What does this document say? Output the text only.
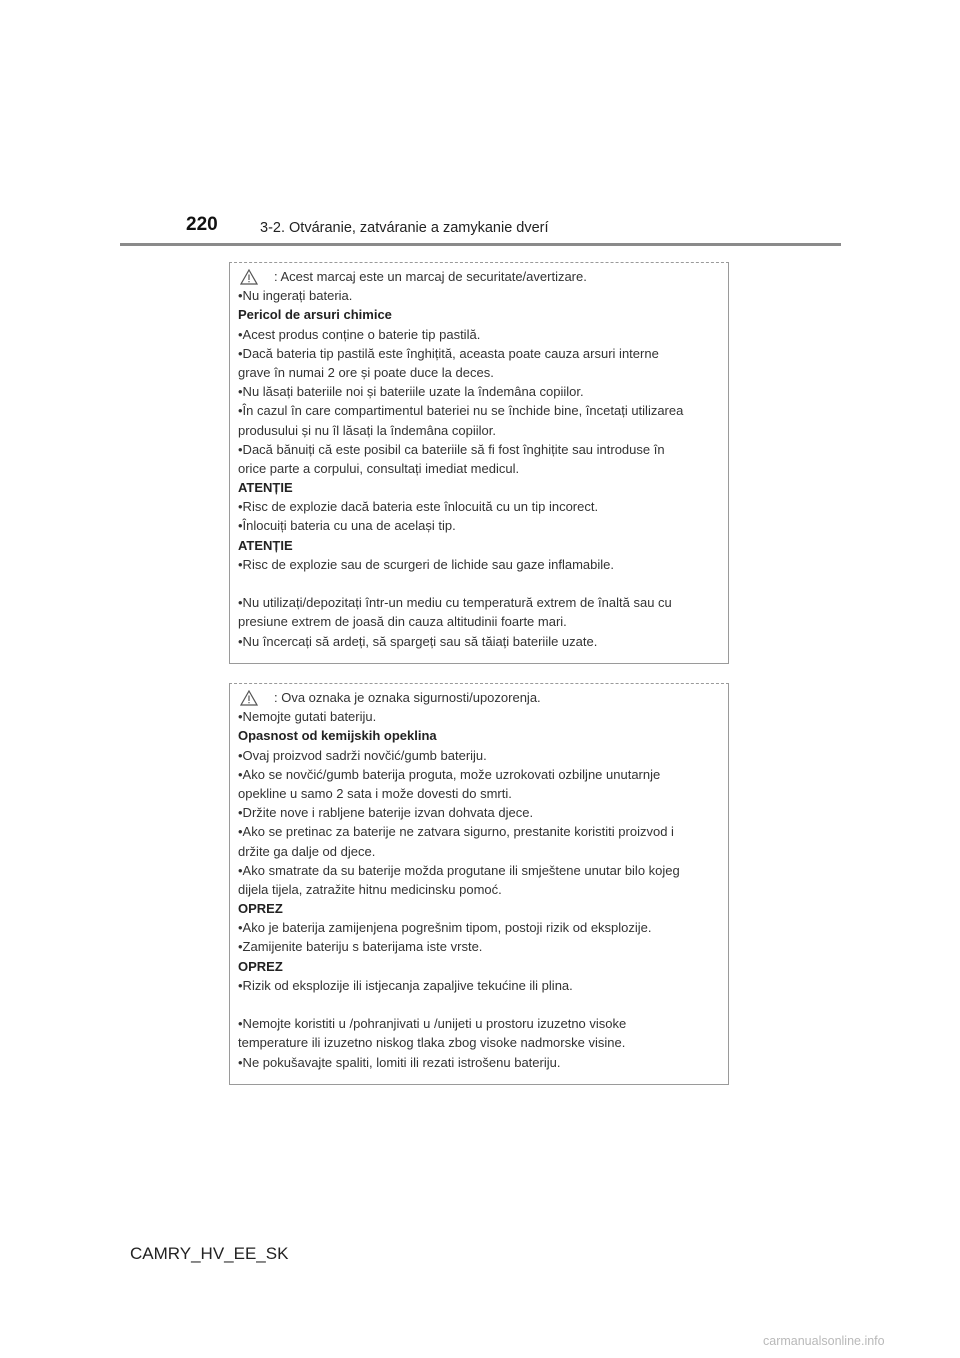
220	3-2. Otváranie, zatváranie a zamykanie dverí
: Acest marcaj este un marcaj de securitate/avertizare.
•Nu ingerați bateria.
Pericol de arsuri chimice
•Acest produs conține o baterie tip pastilă.
•Dacă bateria tip pastilă este înghițită, aceasta poate cauza arsuri interne
grave în numai 2 ore și poate duce la deces.
•Nu lăsați bateriile noi și bateriile uzate la îndemâna copiilor.
•În cazul în care compartimentul bateriei nu se închide bine, încetați utilizarea
produsului și nu îl lăsați la îndemâna copiilor.
•Dacă bănuiți că este posibil ca bateriile să fi fost înghițite sau introduse în
orice parte a corpului, consultați imediat medicul.
ATENȚIE
•Risc de explozie dacă bateria este înlocuită cu un tip incorect.
•Înlocuiți bateria cu una de același tip.
ATENȚIE
•Risc de explozie sau de scurgeri de lichide sau gaze inflamabile.
•Nu utilizați/depozitați într-un mediu cu temperatură extrem de înaltă sau cu
presiune extrem de joasă din cauza altitudinii foarte mari.
•Nu încercați să ardeți, să spargeți sau să tăiați bateriile uzate.
: Ova oznaka je oznaka sigurnosti/upozorenja.
•Nemojte gutati bateriju.
Opasnost od kemijskih opeklina
•Ovaj proizvod sadrži novčić/gumb bateriju.
•Ako se novčić/gumb baterija proguta, može uzrokovati ozbiljne unutarnje
opekline u samo 2 sata i može dovesti do smrti.
•Držite nove i rabljene baterije izvan dohvata djece.
•Ako se pretinac za baterije ne zatvara sigurno, prestanite koristiti proizvod i
držite ga dalje od djece.
•Ako smatrate da su baterije možda progutane ili smještene unutar bilo kojeg
dijela tijela, zatražite hitnu medicinsku pomoć.
OPREZ
•Ako je baterija zamijenjena pogrešnim tipom, postoji rizik od eksplozije.
•Zamijenite bateriju s baterijama iste vrste.
OPREZ
•Rizik od eksplozije ili istjecanja zapaljive tekućine ili plina.
•Nemojte koristiti u /pohranjivati u /unijeti u prostoru izuzetno visoke
temperature ili izuzetno niskog tlaka zbog visoke nadmorske visine.
•Ne pokušavajte spaliti, lomiti ili rezati istrošenu bateriju.
CAMRY_HV_EE_SK
carmanualsonline.info
